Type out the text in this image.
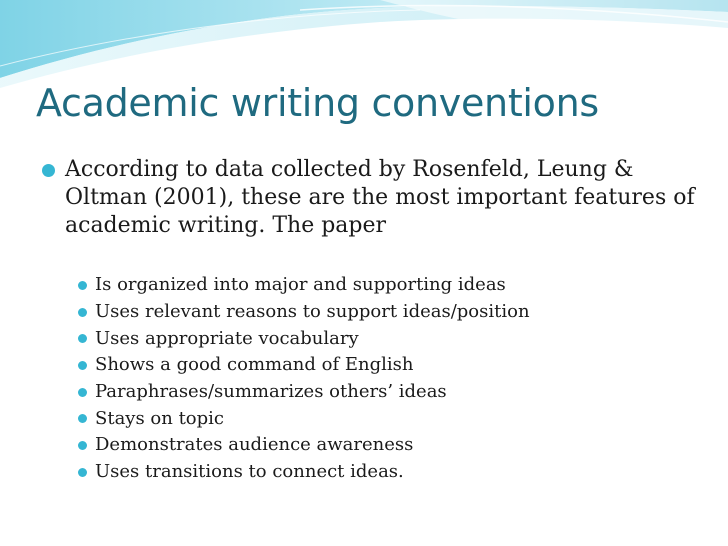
Academic writing conventions

According to data collected by Rosenfeld, Leung & Oltman (2001), these are the most important features of academic writing. The paper

Is organized into major and supporting ideas
Uses relevant reasons to support ideas/position
Uses appropriate vocabulary
Shows a good command of English
Paraphrases/summarizes others’ ideas
Stays on topic
Demonstrates audience awareness
Uses transitions to connect ideas.
